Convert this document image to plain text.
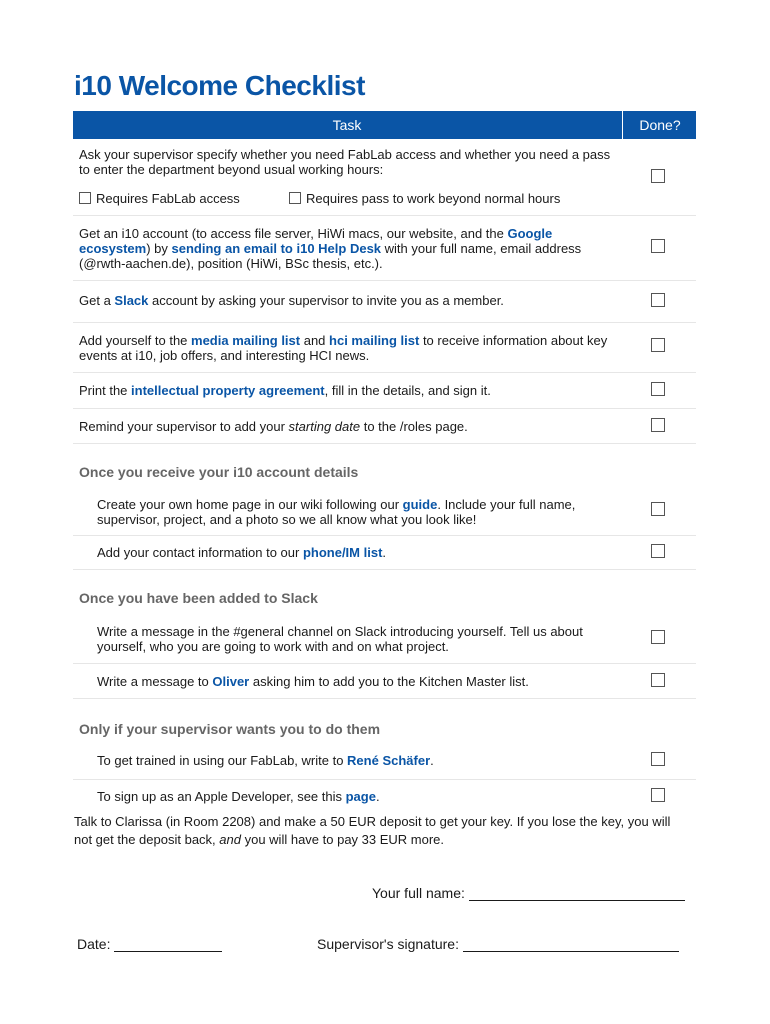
i10 Welcome Checklist
Task	Done?
Ask your supervisor specify whether you need FabLab access and whether you need a pass to enter the department beyond usual working hours:
Requires FabLab access	Requires pass to work beyond normal hours
Get an i10 account (to access file server, HiWi macs, our website, and the Google ecosystem) by sending an email to i10 Help Desk with your full name, email address (@rwth-aachen.de), position (HiWi, BSc thesis, etc.).
Get a Slack account by asking your supervisor to invite you as a member.
Add yourself to the media mailing list and hci mailing list to receive information about key events at i10, job offers, and interesting HCI news.
Print the intellectual property agreement, fill in the details, and sign it.
Remind your supervisor to add your starting date to the /roles page.
Once you receive your i10 account details
Create your own home page in our wiki following our guide. Include your full name, supervisor, project, and a photo so we all know what you look like!
Add your contact information to our phone/IM list.
Once you have been added to Slack
Write a message in the #general channel on Slack introducing yourself. Tell us about yourself, who you are going to work with and on what project.
Write a message to Oliver asking him to add you to the Kitchen Master list.
Only if your supervisor wants you to do them
To get trained in using our FabLab, write to René Schäfer.
To sign up as an Apple Developer, see this page.
Talk to Clarissa (in Room 2208) and make a 50 EUR deposit to get your key. If you lose the key, you will not get the deposit back, and you will have to pay 33 EUR more.
Your full name:
Date:	Supervisor's signature:
